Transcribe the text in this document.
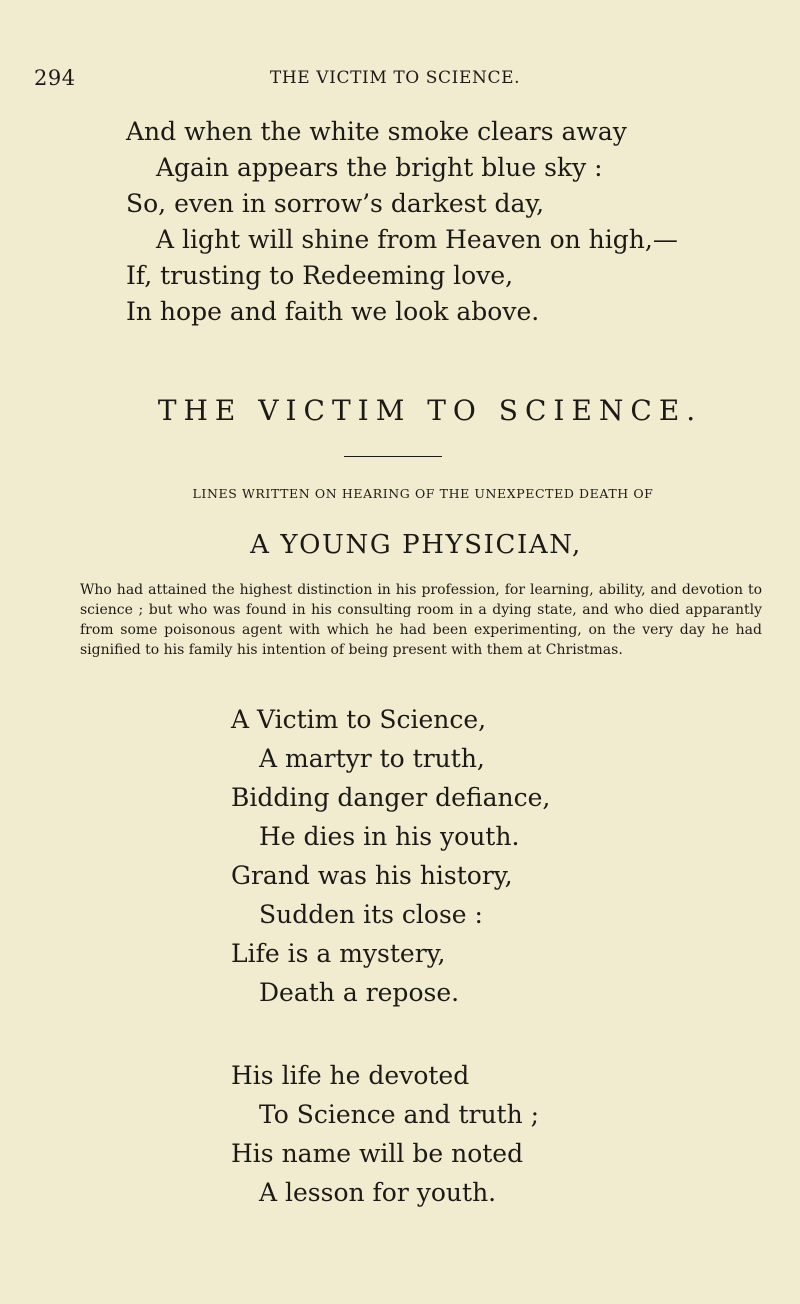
294	THE VICTIM TO SCIENCE.
And when the white smoke clears away
Again appears the bright blue sky :
So, even in sorrow’s darkest day,
A light will shine from Heaven on high,—
If, trusting to Redeeming love,
In hope and faith we look above.
THE VICTIM TO SCIENCE.
LINES WRITTEN ON HEARING OF THE UNEXPECTED DEATH OF
A YOUNG PHYSICIAN,
Who had attained the highest distinction in his profession, for learning, ability, and devotion to science ; but who was found in his consulting room in a dying state, and who died apparantly from some poisonous agent with which he had been experimenting, on the very day he had signified to his family his intention of being present with them at Christmas.
A Victim to Science,
A martyr to truth,
Bidding danger defiance,
He dies in his youth.
Grand was his history,
Sudden its close :
Life is a mystery,
Death a repose.
His life he devoted
To Science and truth ;
His name will be noted
A lesson for youth.
